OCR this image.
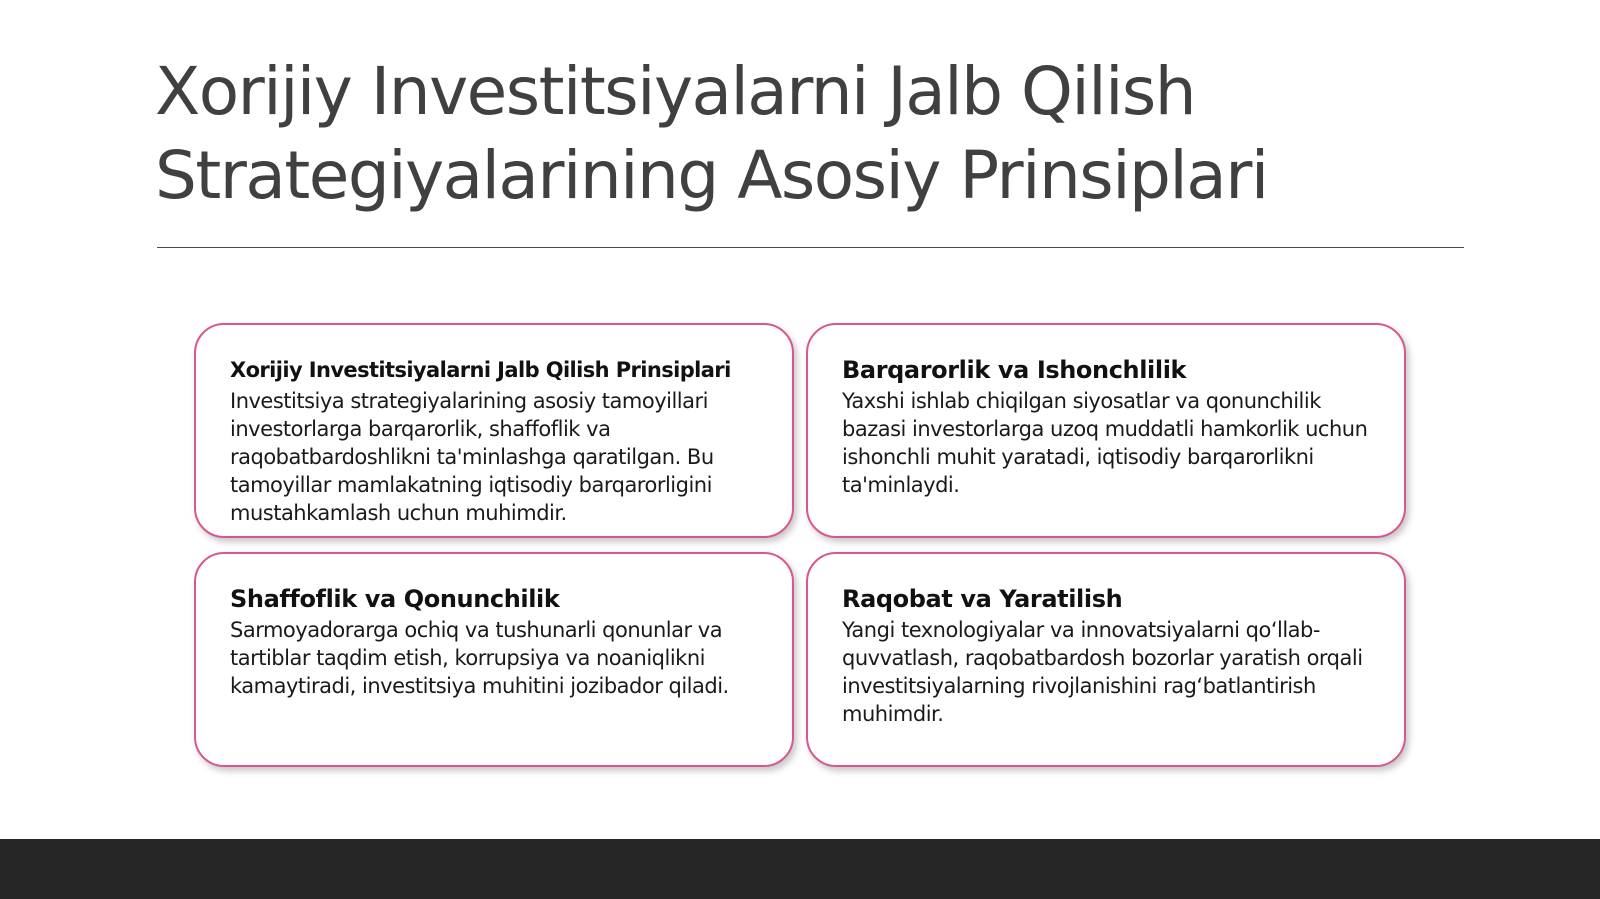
Xorijiy Investitsiyalarni Jalb Qilish
Strategiyalarining Asosiy Prinsiplari
Xorijiy Investitsiyalarni Jalb Qilish Prinsiplari

Investitsiya strategiyalarining asosiy tamoyillari investorlarga barqarorlik, shaffoflik va raqobatbardoshlikni ta'minlashga qaratilgan. Bu tamoyillar mamlakatning iqtisodiy barqarorligini mustahkamlash uchun muhimdir.

Barqarorlik va Ishonchlilik

Yaxshi ishlab chiqilgan siyosatlar va qonunchilik bazasi investorlarga uzoq muddatli hamkorlik uchun ishonchli muhit yaratadi, iqtisodiy barqarorlikni ta'minlaydi.

Shaffoflik va Qonunchilik

Sarmoyadorarga ochiq va tushunarli qonunlar va tartiblar taqdim etish, korrupsiya va noaniqlikni kamaytiradi, investitsiya muhitini jozibador qiladi.

Raqobat va Yaratilish

Yangi texnologiyalar va innovatsiyalarni qo‘llab-quvvatlash, raqobatbardosh bozorlar yaratish orqali investitsiyalarning rivojlanishini rag‘batlantirish muhimdir.
